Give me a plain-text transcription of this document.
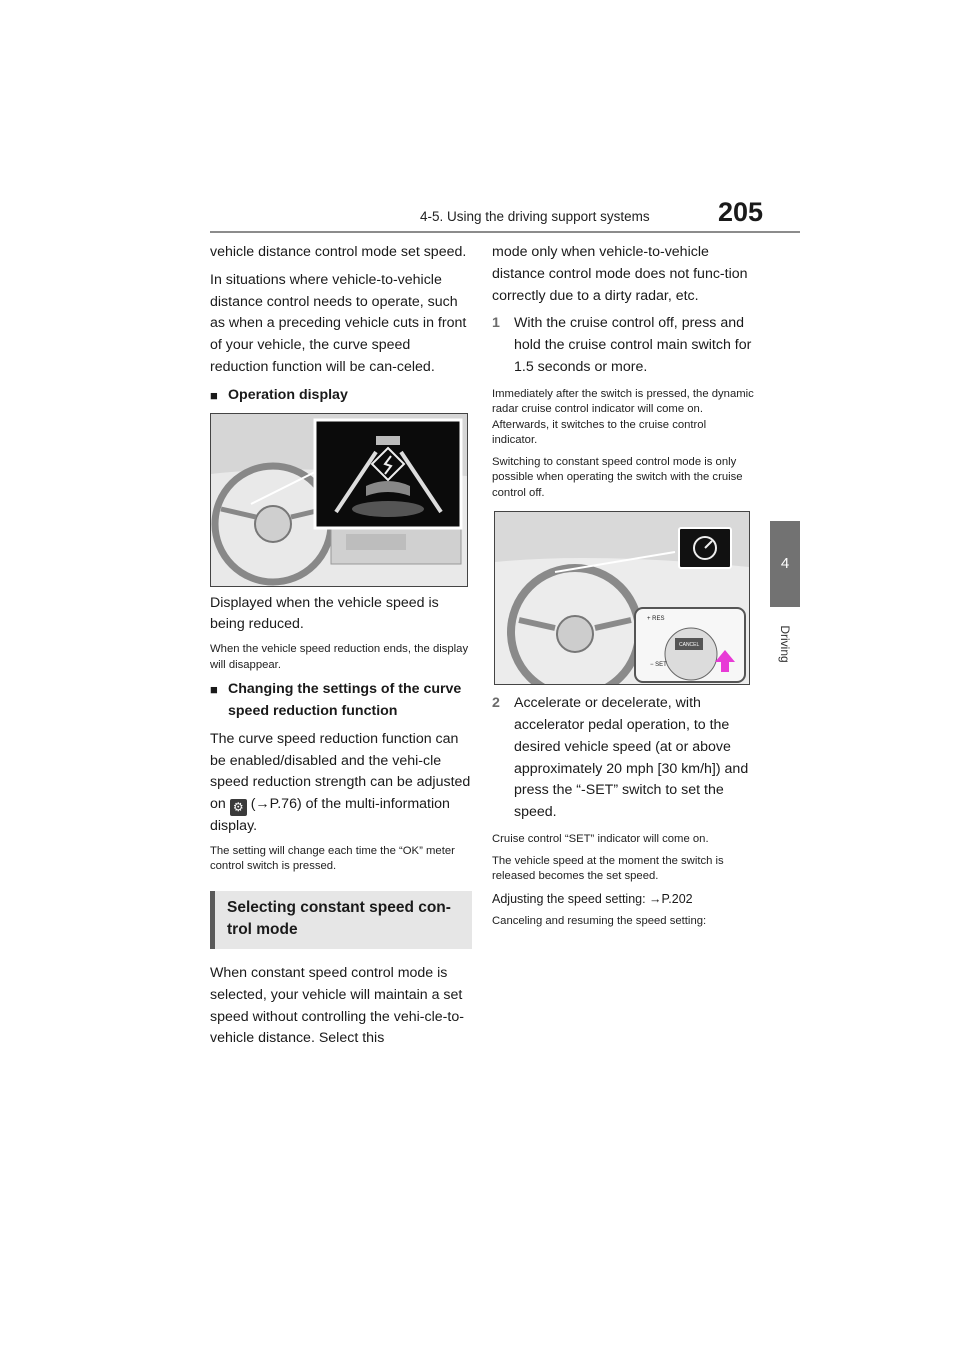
4-5. Using the driving support systems	205
4
Driving

vehicle distance control mode set speed.

In situations where vehicle-to-vehicle distance control needs to operate, such as when a preceding vehicle cuts in front of your vehicle, the curve speed reduction function will be can-celed.

■ Operation display

Displayed when the vehicle speed is being reduced.

When the vehicle speed reduction ends, the display will disappear.

■ Changing the settings of the curve speed reduction function

The curve speed reduction function can be enabled/disabled and the vehi-cle speed reduction strength can be adjusted on ⚙ (→P.76) of the multi-information display.

The setting will change each time the “OK” meter control switch is pressed.

Selecting constant speed con-trol mode

When constant speed control mode is selected, your vehicle will maintain a set speed without controlling the vehi-cle-to-vehicle distance. Select this

mode only when vehicle-to-vehicle distance control mode does not func-tion correctly due to a dirty radar, etc.

1 With the cruise control off, press and hold the cruise control main switch for 1.5 seconds or more.

Immediately after the switch is pressed, the dynamic radar cruise control indicator will come on. Afterwards, it switches to the cruise control indicator.

Switching to constant speed control mode is only possible when operating the switch with the cruise control off.

+ RES
CANCEL
− SET
2 Accelerate or decelerate, with accelerator pedal operation, to the desired vehicle speed (at or above approximately 20 mph [30 km/h]) and press the “-SET” switch to set the speed.

Cruise control “SET” indicator will come on.

The vehicle speed at the moment the switch is released becomes the set speed.

Adjusting the speed setting: →P.202

Canceling and resuming the speed setting:
